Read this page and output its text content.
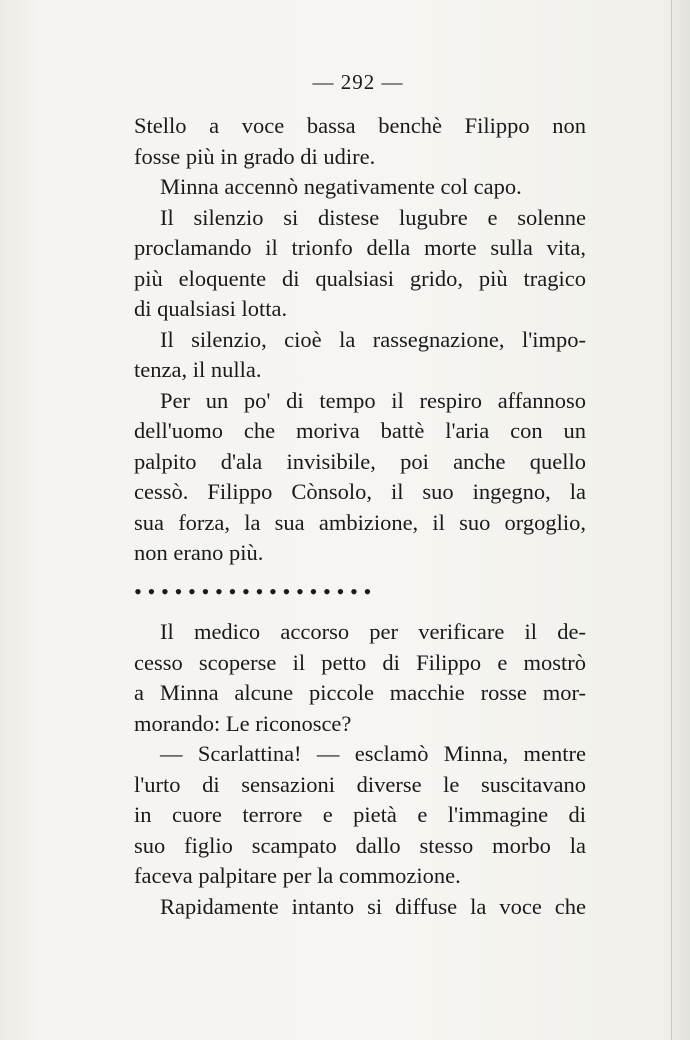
— 292 —
Stello a voce bassa benchè Filippo non
fosse più in grado di udire.
Minna accennò negativamente col capo.
Il silenzio si distese lugubre e solenne
proclamando il trionfo della morte sulla vita,
più eloquente di qualsiasi grido, più tragico
di qualsiasi lotta.
Il silenzio, cioè la rassegnazione, l'impo-
tenza, il nulla.
Per un po' di tempo il respiro affannoso
dell'uomo che moriva battè l'aria con un
palpito d'ala invisibile, poi anche quello
cessò. Filippo Cònsolo, il suo ingegno, la
sua forza, la sua ambizione, il suo orgoglio,
non erano più.
• • • • • • • • • • • • • • • • • •
Il medico accorso per verificare il de-
cesso scoperse il petto di Filippo e mostrò
a Minna alcune piccole macchie rosse mor-
morando: Le riconosce?
— Scarlattina! — esclamò Minna, mentre
l'urto di sensazioni diverse le suscitavano
in cuore terrore e pietà e l'immagine di
suo figlio scampato dallo stesso morbo la
faceva palpitare per la commozione.
Rapidamente intanto si diffuse la voce che
